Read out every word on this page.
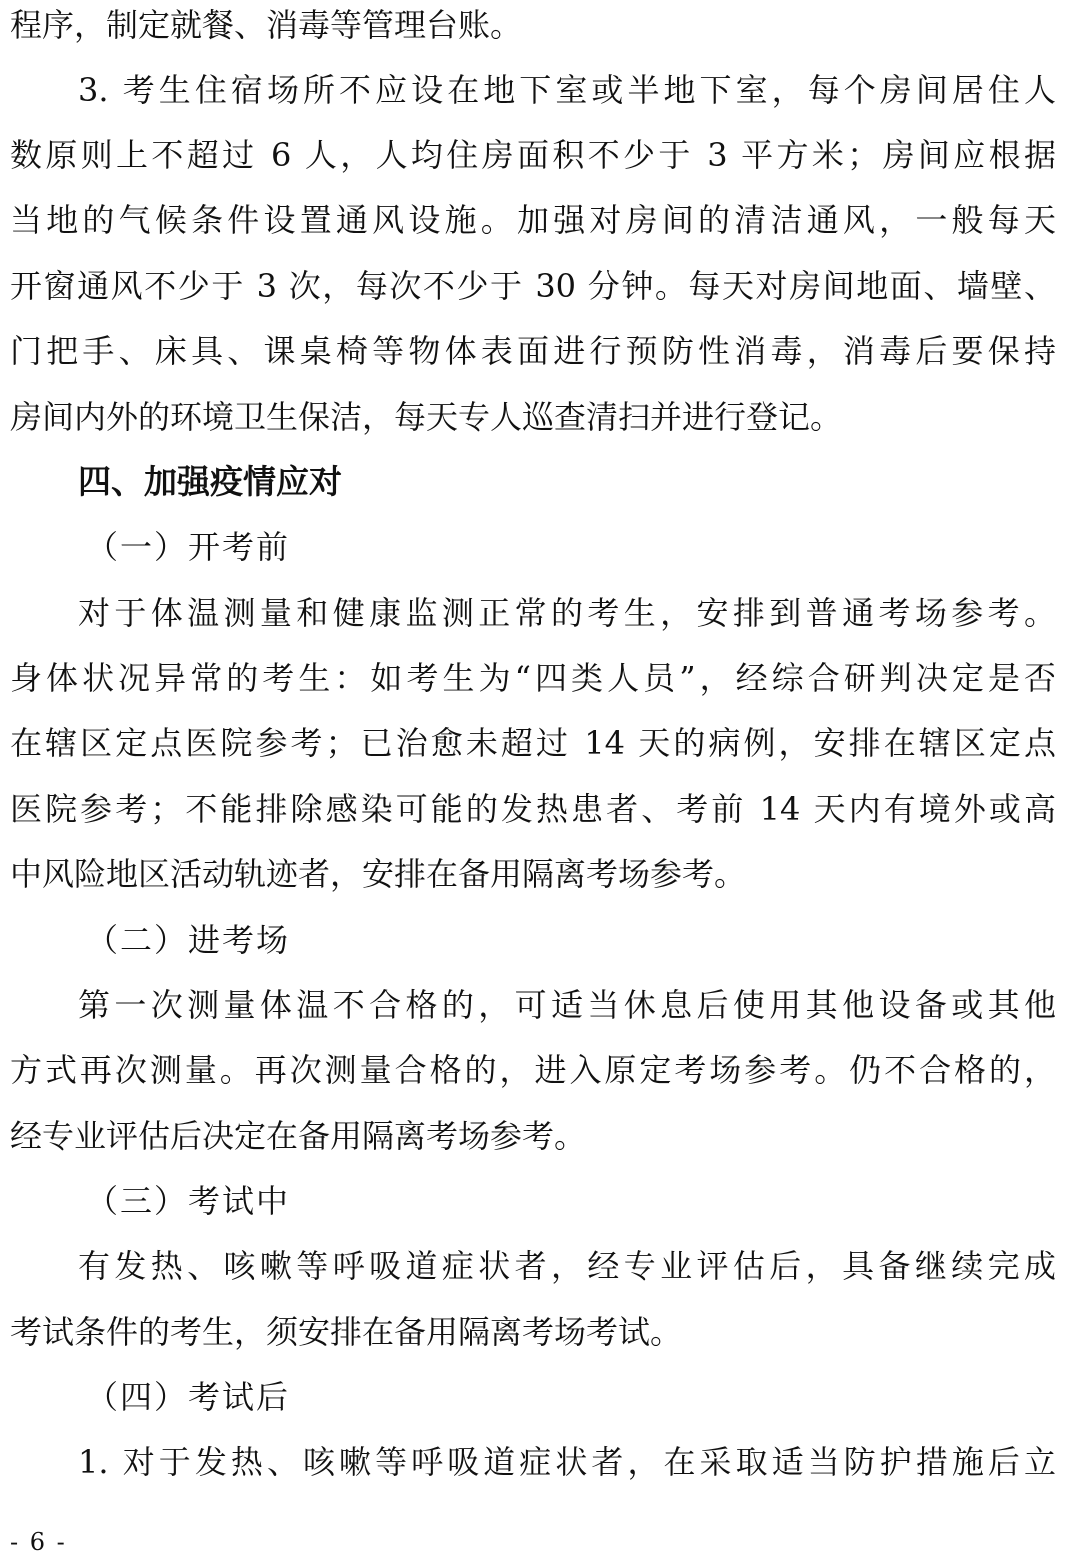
程序，制定就餐、消毒等管理台账。
3. 考生住宿场所不应设在地下室或半地下室，每个房间居住人
数原则上不超过 6 人，人均住房面积不少于 3 平方米；房间应根据
当地的气候条件设置通风设施。加强对房间的清洁通风，一般每天
开窗通风不少于 3 次，每次不少于 30 分钟。每天对房间地面、墙壁、
门把手、床具、课桌椅等物体表面进行预防性消毒，消毒后要保持
房间内外的环境卫生保洁，每天专人巡查清扫并进行登记。
四、加强疫情应对
（一）开考前
对于体温测量和健康监测正常的考生，安排到普通考场参考。
身体状况异常的考生：如考生为“四类人员”，经综合研判决定是否
在辖区定点医院参考；已治愈未超过 14 天的病例，安排在辖区定点
医院参考；不能排除感染可能的发热患者、考前 14 天内有境外或高
中风险地区活动轨迹者，安排在备用隔离考场参考。
（二）进考场
第一次测量体温不合格的，可适当休息后使用其他设备或其他
方式再次测量。再次测量合格的，进入原定考场参考。仍不合格的，
经专业评估后决定在备用隔离考场参考。
（三）考试中
有发热、咳嗽等呼吸道症状者，经专业评估后，具备继续完成
考试条件的考生，须安排在备用隔离考场考试。
（四）考试后
1. 对于发热、咳嗽等呼吸道症状者，在采取适当防护措施后立
- 6 -
